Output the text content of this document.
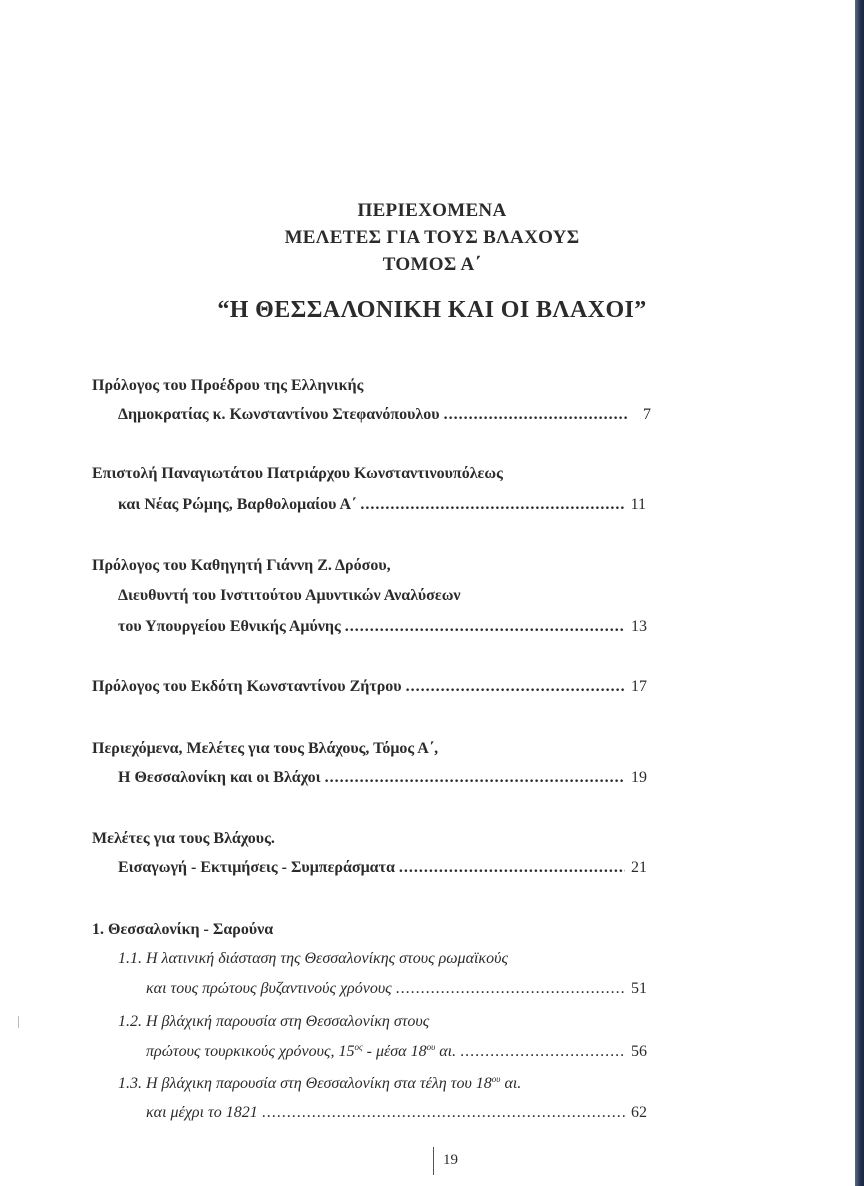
ΠΕΡΙΕΧΟΜΕΝΑ
ΜΕΛΕΤΕΣ ΓΙΑ ΤΟΥΣ ΒΛΑΧΟΥΣ
ΤΟΜΟΣ Α΄
“Η ΘΕΣΣΑΛΟΝΙΚΗ ΚΑΙ ΟΙ ΒΛΑΧΟΙ”
Πρόλογος του Προέδρου της Ελληνικής
Δημοκρατίας κ. Κωνσταντίνου Στεφανόπουλου .....	7
Επιστολή Παναγιωτάτου Πατριάρχου Κωνσταντινουπόλεως
και Νέας Ρώμης, Βαρθολομαίου Α΄ .....	11
Πρόλογος του Καθηγητή Γιάννη Ζ. Δρόσου,
Διευθυντή του Ινστιτούτου Αμυντικών Αναλύσεων
του Υπουργείου Εθνικής Αμύνης .....	13
Πρόλογος του Εκδότη Κωνσταντίνου Ζήτρου .....	17
Περιεχόμενα, Μελέτες για τους Βλάχους, Τόμος Α΄,
Η Θεσσαλονίκη και οι Βλάχοι .....	19
Μελέτες για τους Βλάχους.
Εισαγωγή - Εκτιμήσεις - Συμπεράσματα .....	21
1. Θεσσαλονίκη - Σαρούνα
1.1. Η λατινική διάσταση της Θεσσαλονίκης στους ρωμαϊκούς
και τους πρώτους βυζαντινούς χρόνους .....	51
1.2. Η βλάχική παρουσία στη Θεσσαλονίκη στους
πρώτους τουρκικούς χρόνους, $15^{o\varsigma}$ - μέσα $18^{o\upsilon}$ αι. .....	56
1.3. Η βλάχικη παρουσία στη Θεσσαλονίκη στα τέλη του $18^{o\upsilon}$ αι.
και μέχρι το 1821 .....	62
19
